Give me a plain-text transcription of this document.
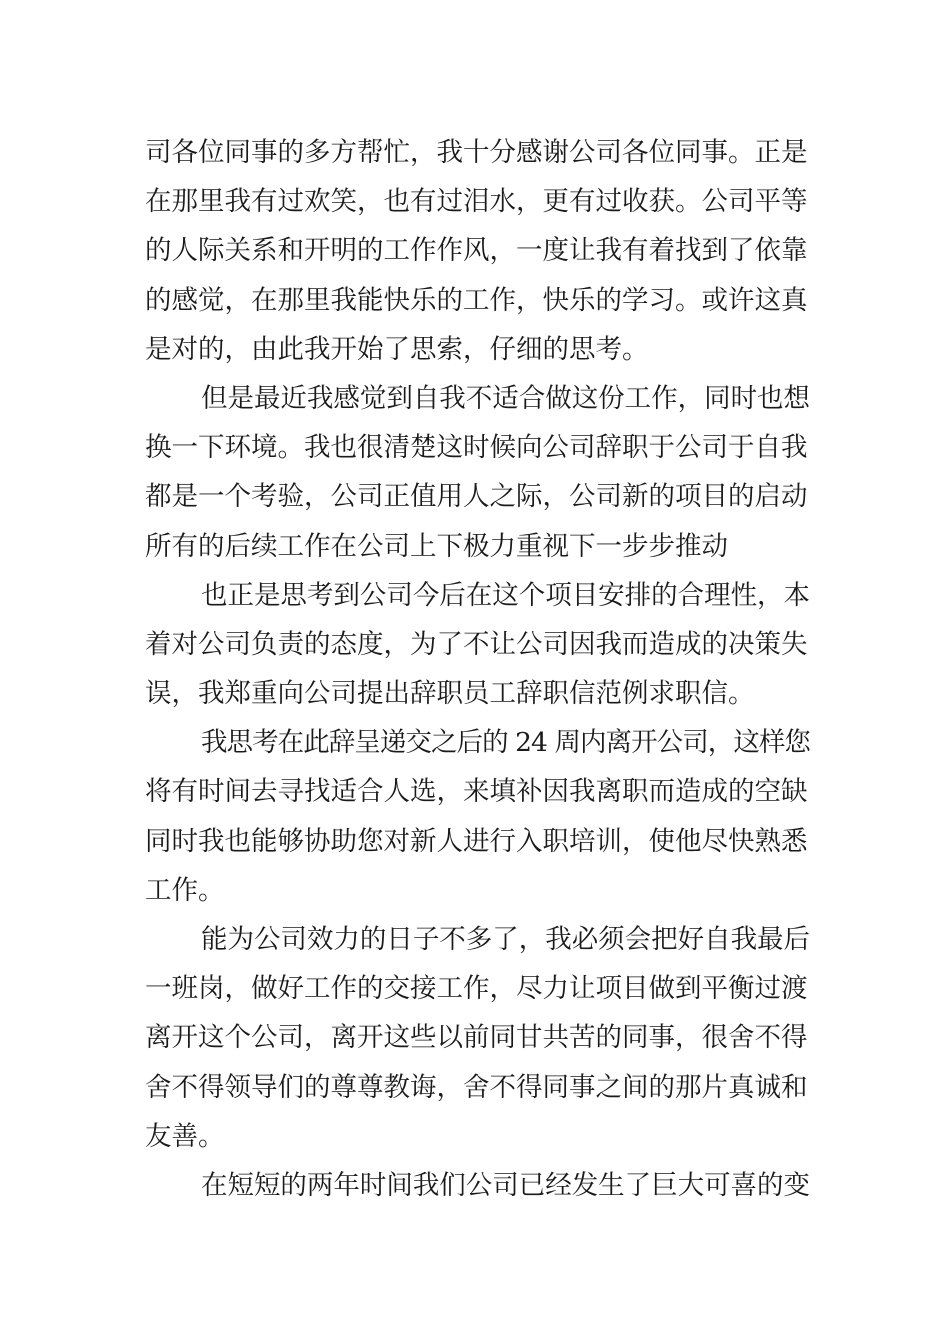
司各位同事的多方帮忙，我十分感谢公司各位同事。正是
在那里我有过欢笑，也有过泪水，更有过收获。公司平等
的人际关系和开明的工作作风，一度让我有着找到了依靠
的感觉，在那里我能快乐的工作，快乐的学习。或许这真
是对的，由此我开始了思索，仔细的思考。
但是最近我感觉到自我不适合做这份工作，同时也想
换一下环境。我也很清楚这时候向公司辞职于公司于自我
都是一个考验，公司正值用人之际，公司新的项目的启动
所有的后续工作在公司上下极力重视下一步步推动
也正是思考到公司今后在这个项目安排的合理性，本
着对公司负责的态度，为了不让公司因我而造成的决策失
误，我郑重向公司提出辞职员工辞职信范例求职信。
我思考在此辞呈递交之后的 24 周内离开公司，这样您
将有时间去寻找适合人选，来填补因我离职而造成的空缺
同时我也能够协助您对新人进行入职培训，使他尽快熟悉
工作。
能为公司效力的日子不多了，我必须会把好自我最后
一班岗，做好工作的交接工作，尽力让项目做到平衡过渡
离开这个公司，离开这些以前同甘共苦的同事，很舍不得
舍不得领导们的尊尊教诲，舍不得同事之间的那片真诚和
友善。
在短短的两年时间我们公司已经发生了巨大可喜的变
